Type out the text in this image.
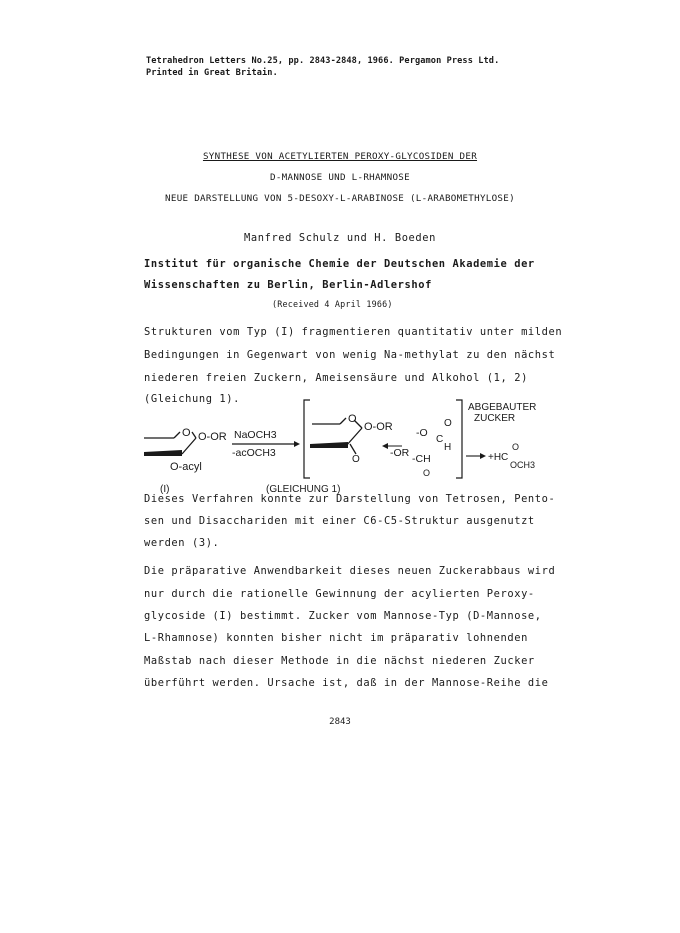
Tetrahedron Letters No.25, pp. 2843-2848, 1966. Pergamon Press Ltd.
Printed in Great Britain.
SYNTHESE VON ACETYLIERTEN PEROXY-GLYCOSIDEN DER
D-MANNOSE UND L-RHAMNOSE
NEUE DARSTELLUNG VON 5-DESOXY-L-ARABINOSE (L-ARABOMETHYLOSE)
Manfred Schulz und H. Boeden
Institut für organische Chemie der Deutschen Akademie der
Wissenschaften zu Berlin, Berlin-Adlershof
(Received 4 April 1966)
Strukturen vom Typ (I) fragmentieren quantitativ unter milden
Bedingungen in Gegenwart von wenig Na-methylat zu den nächst
niederen freien Zuckern, Ameisensäure und Alkohol (1, 2)
(Gleichung 1).
O O-OR
O-acyl
NaOCH3
-acOCH3
O
O-OR
O
-OR
-O
O
C
H
-CH
O
ABGEBAUTER
ZUCKER
+HC
O
OCH3
(I)	(GLEICHUNG 1)
Dieses Verfahren konnte zur Darstellung von Tetrosen, Pento-
sen und Disacchariden mit einer C6-C5-Struktur ausgenutzt
werden (3).
Die präparative Anwendbarkeit dieses neuen Zuckerabbaus wird
nur durch die rationelle Gewinnung der acylierten Peroxy-
glycoside (I) bestimmt. Zucker vom Mannose-Typ (D-Mannose,
L-Rhamnose) konnten bisher nicht im präparativ lohnenden
Maßstab nach dieser Methode in die nächst niederen Zucker
überführt werden. Ursache ist, daß in der Mannose-Reihe die
2843
